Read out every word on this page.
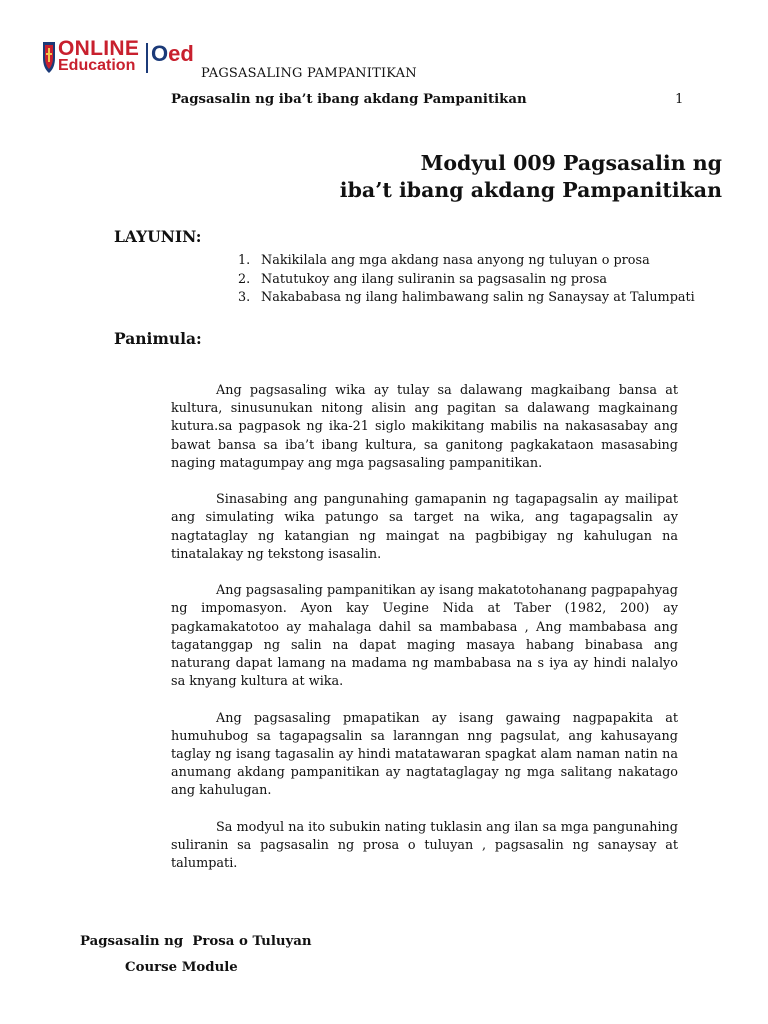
ONLINE
Education Oed
PAGSASALING PAMPANITIKAN
Pagsasalin ng iba’t ibang akdang Pampanitikan	1
Modyul 009 Pagsasalin ng
iba’t ibang akdang Pampanitikan
LAYUNIN:
1. Nakikilala ang mga akdang nasa anyong ng tuluyan o prosa
2. Natutukoy ang ilang suliranin sa pagsasalin ng prosa
3. Nakababasa ng ilang halimbawang salin ng Sanaysay at Talumpati
Panimula:

Ang pagsasaling wika ay tulay sa dalawang magkaibang bansa at kultura, sinusunukan nitong alisin ang pagitan sa dalawang magkainang kutura.sa pagpasok ng ika-21 siglo makikitang mabilis na nakasasabay ang bawat bansa sa iba’t ibang kultura, sa ganitong pagkakataon masasabing naging matagumpay ang mga pagsasaling pampanitikan.

Sinasabing ang pangunahing gamapanin ng tagapagsalin ay mailipat ang simulating wika patungo sa target na wika, ang tagapagsalin ay nagtataglay ng katangian ng maingat na pagbibigay ng kahulugan na tinatalakay ng tekstong isasalin.

Ang pagsasaling pampanitikan ay isang makatotohanang pagpapahyag ng impomasyon. Ayon kay Uegine Nida at Taber (1982, 200) ay pagkamakatotoo ay mahalaga dahil sa mambabasa , Ang mambabasa ang tagatanggap ng salin na dapat maging masaya habang binabasa ang naturang dapat lamang na madama ng mambabasa na s iya ay hindi nalalyo sa knyang kultura at wika.

Ang pagsasaling pmapatikan ay isang gawaing nagpapakita at humuhubog sa tagapagsalin sa laranngan nng pagsulat, ang kahusayang taglay ng isang tagasalin ay hindi matatawaran spagkat alam naman natin na anumang akdang pampanitikan ay nagtataglagay ng mga salitang nakatago ang kahulugan.

Sa modyul na ito subukin nating tuklasin ang ilan sa mga pangunahing suliranin sa pagsasalin ng prosa o tuluyan , pagsasalin ng sanaysay at talumpati.

Pagsasalin ng  Prosa o Tuluyan
Course Module
